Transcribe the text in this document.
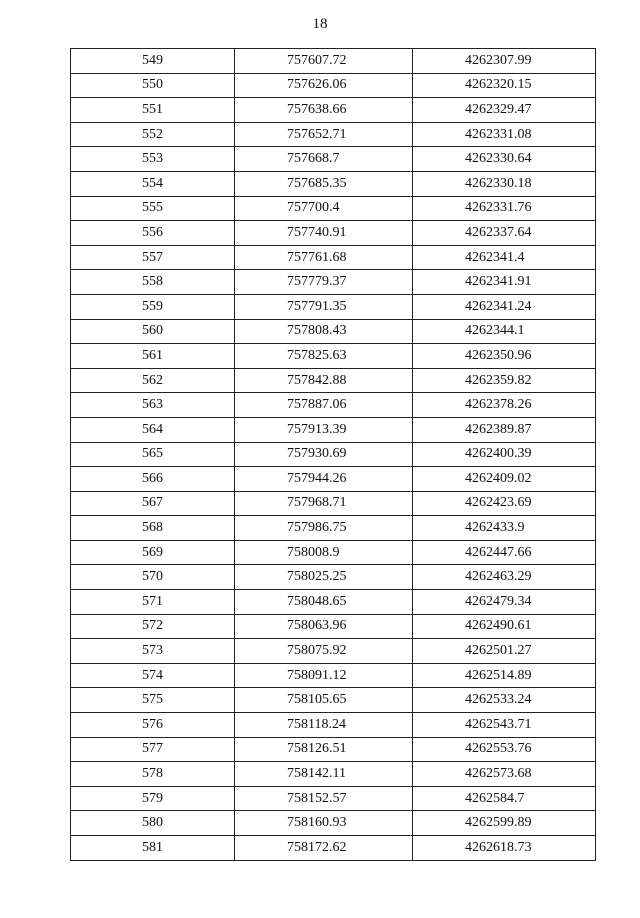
18
549	757607.72	4262307.99
550	757626.06	4262320.15
551	757638.66	4262329.47
552	757652.71	4262331.08
553	757668.7	4262330.64
554	757685.35	4262330.18
555	757700.4	4262331.76
556	757740.91	4262337.64
557	757761.68	4262341.4
558	757779.37	4262341.91
559	757791.35	4262341.24
560	757808.43	4262344.1
561	757825.63	4262350.96
562	757842.88	4262359.82
563	757887.06	4262378.26
564	757913.39	4262389.87
565	757930.69	4262400.39
566	757944.26	4262409.02
567	757968.71	4262423.69
568	757986.75	4262433.9
569	758008.9	4262447.66
570	758025.25	4262463.29
571	758048.65	4262479.34
572	758063.96	4262490.61
573	758075.92	4262501.27
574	758091.12	4262514.89
575	758105.65	4262533.24
576	758118.24	4262543.71
577	758126.51	4262553.76
578	758142.11	4262573.68
579	758152.57	4262584.7
580	758160.93	4262599.89
581	758172.62	4262618.73
